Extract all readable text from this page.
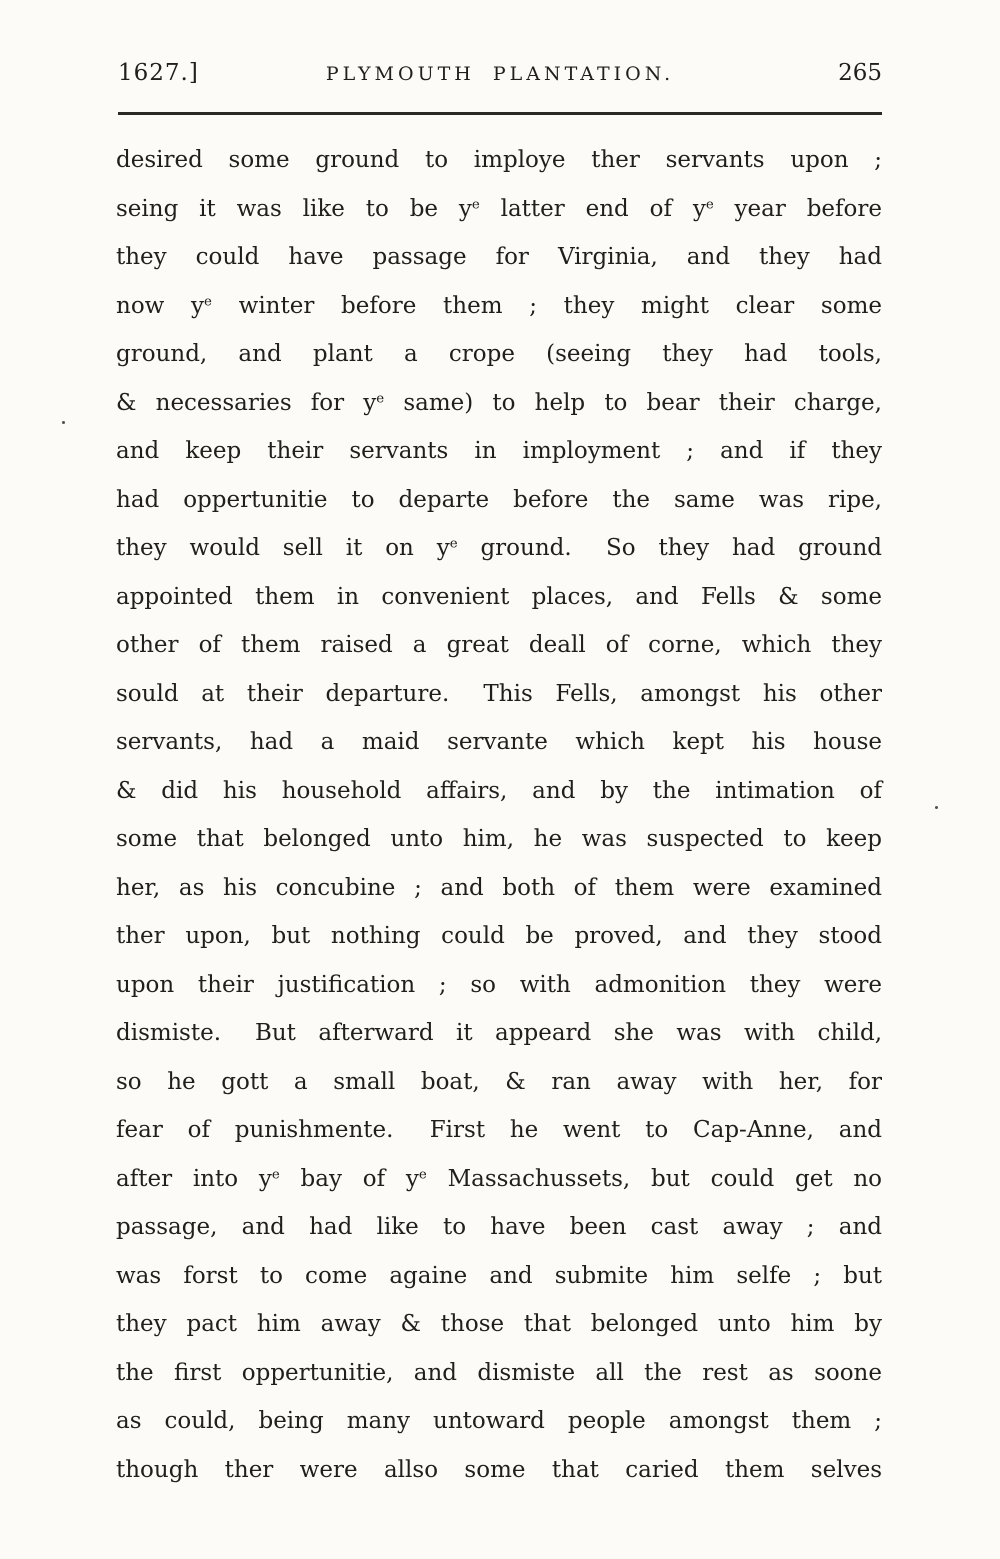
1627.]	PLYMOUTH PLANTATION.	265
desired some ground to imploye ther servants upon ;
seing it was like to be $y^e$ latter end of $y^e$ year before
they could have passage for Virginia, and they had
now $y^e$ winter before them ; they might clear some
ground, and plant a crope (seeing they had tools,
& necessaries for $y^e$ same) to help to bear their charge,
and keep their servants in imployment ; and if they
had oppertunitie to departe before the same was ripe,
they would sell it on $y^e$ ground.  So they had ground
appointed them in convenient places, and Fells & some
other of them raised a great deall of corne, which they
sould at their departure.  This Fells, amongst his other
servants, had a maid servante which kept his house
& did his household affairs, and by the intimation of
some that belonged unto him, he was suspected to keep
her, as his concubine ; and both of them were examined
ther upon, but nothing could be proved, and they stood
upon their justification ; so with admonition they were
dismiste.  But afterward it appeard she was with child,
so he gott a small boat, & ran away with her, for
fear of punishmente.  First he went to Cap-Anne, and
after into $y^e$ bay of $y^e$ Massachussets, but could get no
passage, and had like to have been cast away ; and
was forst to come againe and submite him selfe ; but
they pact him away & those that belonged unto him by
the first oppertunitie, and dismiste all the rest as soone
as could, being many untoward people amongst them ;
though ther were allso some that caried them selves
